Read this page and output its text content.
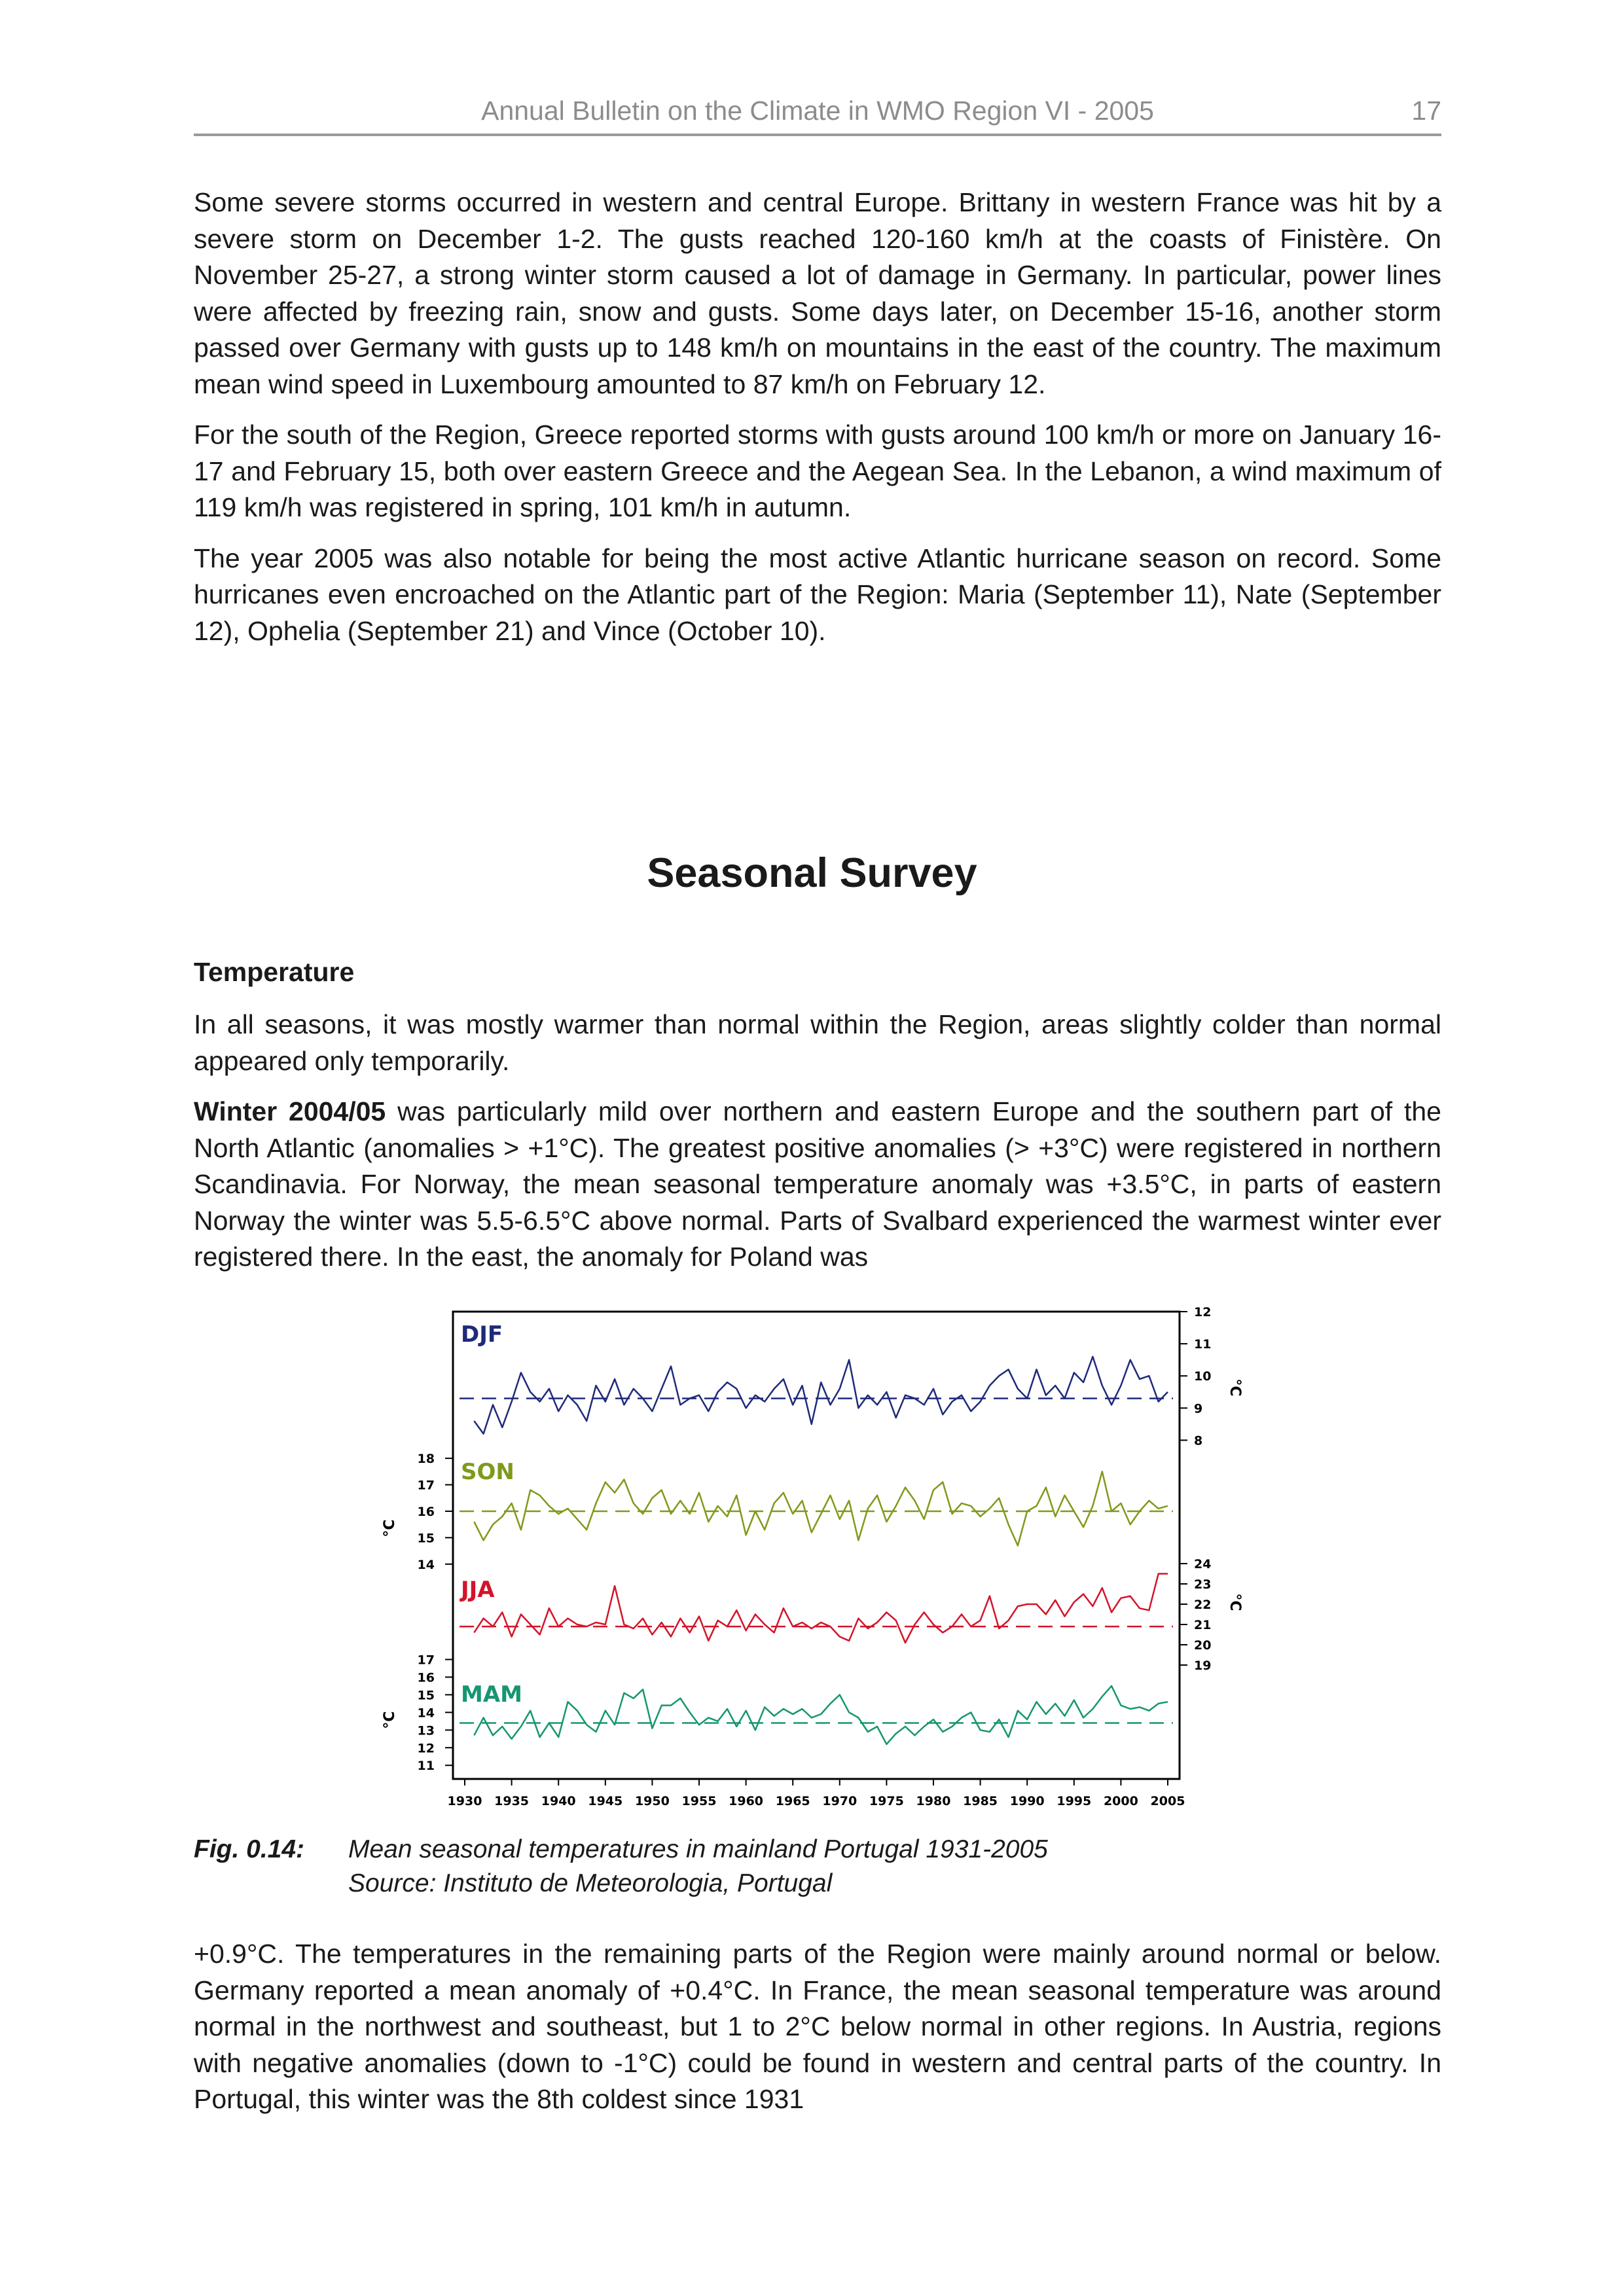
Annual Bulletin on the Climate in WMO Region VI - 2005	17

Some severe storms occurred in western and central Europe. Brittany in western France was hit by a severe storm on December 1-2. The gusts reached 120-160 km/h at the coasts of Finistère. On November 25-27, a strong winter storm caused a lot of damage in Germany. In particular, power lines were affected by freezing rain, snow and gusts. Some days later, on December 15-16, another storm passed over Germany with gusts up to 148 km/h on mountains in the east of the country. The maximum mean wind speed in Luxembourg amounted to 87 km/h on February 12.

For the south of the Region, Greece reported storms with gusts around 100 km/h or more on January 16-17 and February 15, both over eastern Greece and the Aegean Sea. In the Lebanon, a wind maximum of 119 km/h was registered in spring, 101 km/h in autumn.

The year 2005 was also notable for being the most active Atlantic hurricane season on record. Some hurricanes even encroached on the Atlantic part of the Region: Maria (September 11), Nate (September 12), Ophelia (September 21) and Vince (October 10).

Seasonal Survey
Temperature

In all seasons, it was mostly warmer than normal within the Region, areas slightly colder than normal appeared only temporarily.

Winter 2004/05 was particularly mild over northern and eastern Europe and the southern part of the North Atlantic (anomalies > +1°C). The greatest positive anomalies (> +3°C) were registered in northern Scandinavia. For Norway, the mean seasonal temperature anomaly was +3.5°C, in parts of eastern Norway the winter was 5.5-6.5°C above normal. Parts of Svalbard experienced the warmest winter ever registered there. In the east, the anomaly for Poland was

1930 1935 1940 1945 1950 1955 1960 1965 1970 1975 1980 1985 1990 1995 2000 2005
8
9
10
11
12
°C
DJF
14
15
16
17
18
°C
SON
19
20
21
22
23
24
°C
JJA
11
12
13
14
15
16
17
°C
MAM
Fig. 0.14: Mean seasonal temperatures in mainland Portugal 1931-2005
Source: Instituto de Meteorologia, Portugal

+0.9°C. The temperatures in the remaining parts of the Region were mainly around normal or below. Germany reported a mean anomaly of +0.4°C. In France, the mean seasonal temperature was around normal in the northwest and southeast, but 1 to 2°C below normal in other regions. In Austria, regions with negative anomalies (down to -1°C) could be found in western and central parts of the country. In Portugal, this winter was the 8th coldest since 1931
